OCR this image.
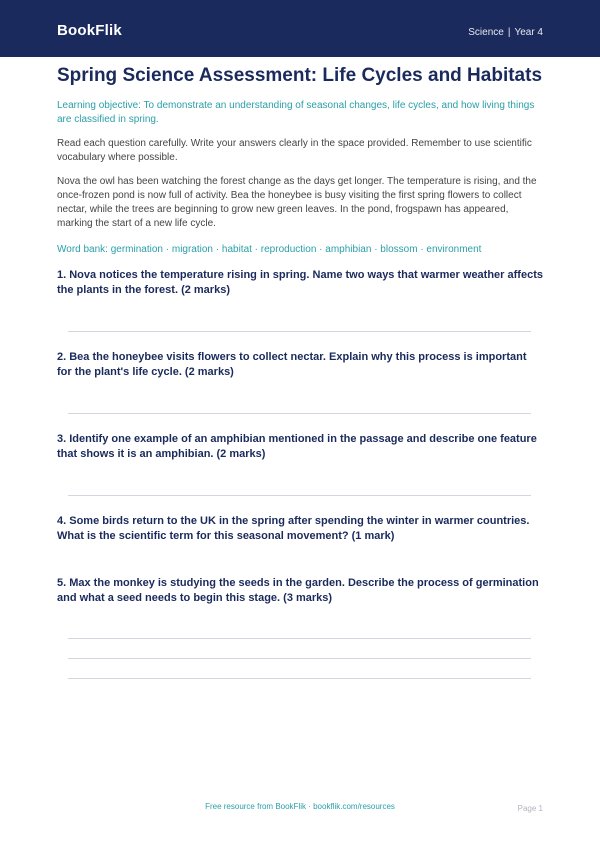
BookFlik	Science | Year 4
Spring Science Assessment: Life Cycles and Habitats
Learning objective: To demonstrate an understanding of seasonal changes, life cycles, and how living things are classified in spring.
Read each question carefully. Write your answers clearly in the space provided. Remember to use scientific vocabulary where possible.
Nova the owl has been watching the forest change as the days get longer. The temperature is rising, and the once-frozen pond is now full of activity. Bea the honeybee is busy visiting the first spring flowers to collect nectar, while the trees are beginning to grow new green leaves. In the pond, frogspawn has appeared, marking the start of a new life cycle.
Word bank: germination · migration · habitat · reproduction · amphibian · blossom · environment
1. Nova notices the temperature rising in spring. Name two ways that warmer weather affects the plants in the forest. (2 marks)
2. Bea the honeybee visits flowers to collect nectar. Explain why this process is important for the plant's life cycle. (2 marks)
3. Identify one example of an amphibian mentioned in the passage and describe one feature that shows it is an amphibian. (2 marks)
4. Some birds return to the UK in the spring after spending the winter in warmer countries. What is the scientific term for this seasonal movement? (1 mark)
5. Max the monkey is studying the seeds in the garden. Describe the process of germination and what a seed needs to begin this stage. (3 marks)
Free resource from BookFlik · bookflik.com/resources	Page 1
